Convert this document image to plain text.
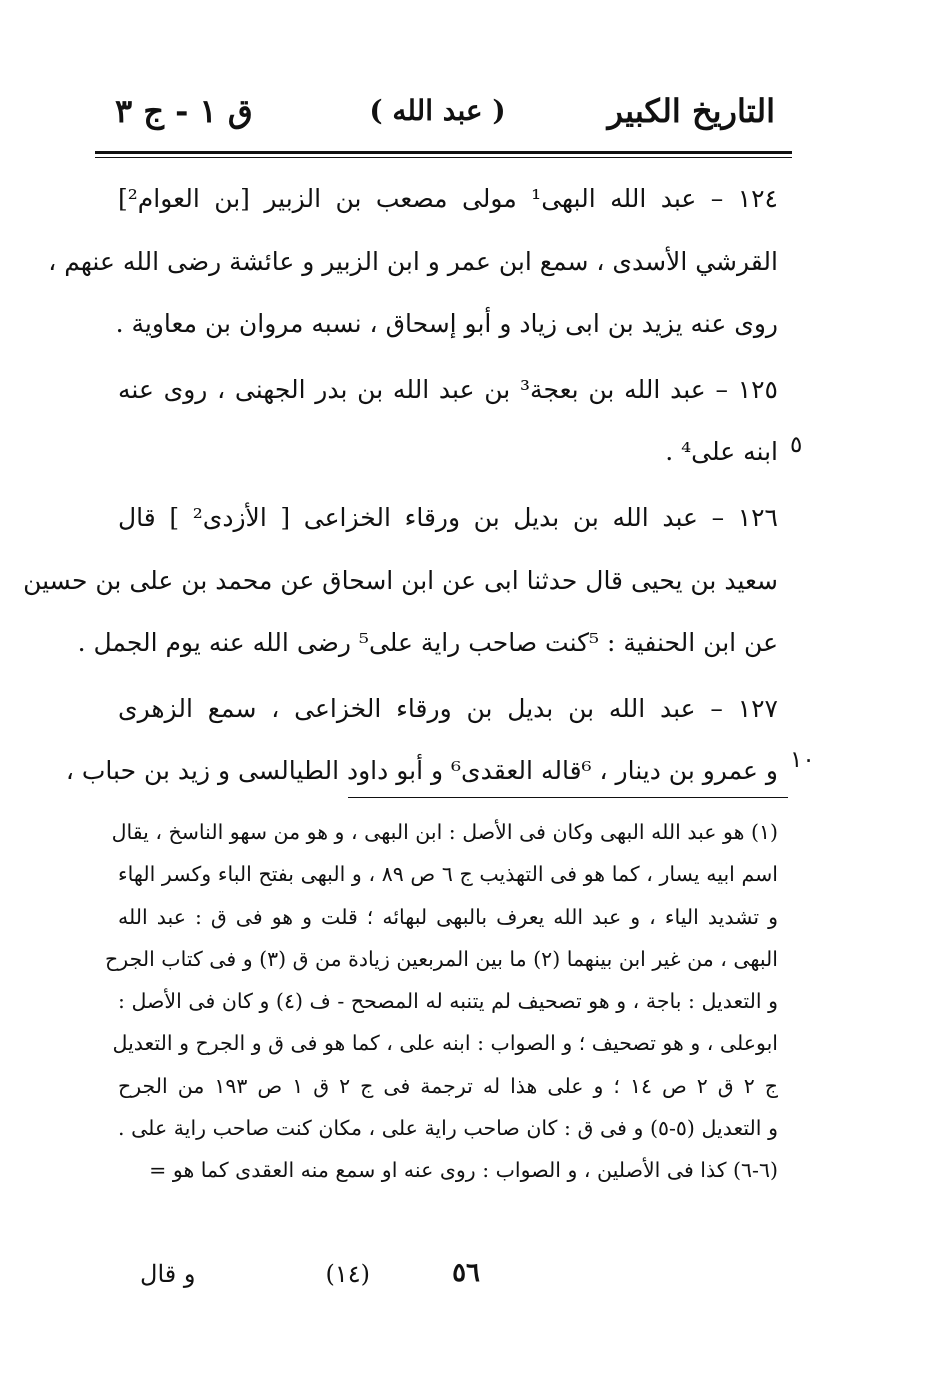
التاريخ الكبير
( عبد الله )
ق ١ - ج ٣
١٢٤ – عبد الله البهى¹ مولى مصعب بن الزبير [بن العوام²]
القرشي الأسدى ، سمع ابن عمر و ابن الزبير و عائشة رضى الله عنهم ،
روى عنه يزيد بن ابى زياد و أبو إسحاق ، نسبه مروان بن معاوية .
١٢٥ – عبد الله بن بعجة³ بن عبد الله بن بدر الجهنى ، روى عنه
ابنه على⁴ .
١٢٦ – عبد الله بن بديل بن ورقاء الخزاعى [ الأزدى² ] قال
سعيد بن يحيى قال حدثنا ابى عن ابن اسحاق عن محمد بن على بن حسين
عن ابن الحنفية : ⁵كنت صاحب راية على⁵ رضى الله عنه يوم الجمل .
١٢٧ – عبد الله بن بديل بن ورقاء الخزاعى ، سمع الزهرى
و عمرو بن دينار ، ⁶قاله العقدى⁶ و أبو داود الطيالسى و زيد بن حباب ،
٥
١٠
(١) هو عبد الله البهى وكان فى الأصل : ابن البهى ، و هو من سهو الناسخ ، يقال
اسم ابيه يسار ، كما هو فى التهذيب ج ٦ ص ٨٩ ، و البهى بفتح الباء وكسر الهاء
و تشديد الياء ، و عبد الله يعرف بالبهى لبهائه ؛ قلت و هو فى ق : عبد الله
البهى ، من غير ابن بينهما (٢) ما بين المربعين زيادة من ق (٣) و فى كتاب الجرح
و التعديل : باجة ، و هو تصحيف لم يتنبه له المصحح - ف (٤) و كان فى الأصل :
ابوعلى ، و هو تصحيف ؛ و الصواب : ابنه على ، كما هو فى ق و الجرح و التعديل
ج ٢ ق ٢ ص ١٤ ؛ و على هذا له ترجمة فى ج ٢ ق ١ ص ١٩٣ من الجرح
و التعديل (٥-٥) و فى ق : كان صاحب راية على ، مكان كنت صاحب راية على .
(٦-٦) كذا فى الأصلين ، و الصواب : روى عنه او سمع منه العقدى كما هو =
٥٦
(١٤)
و قال
